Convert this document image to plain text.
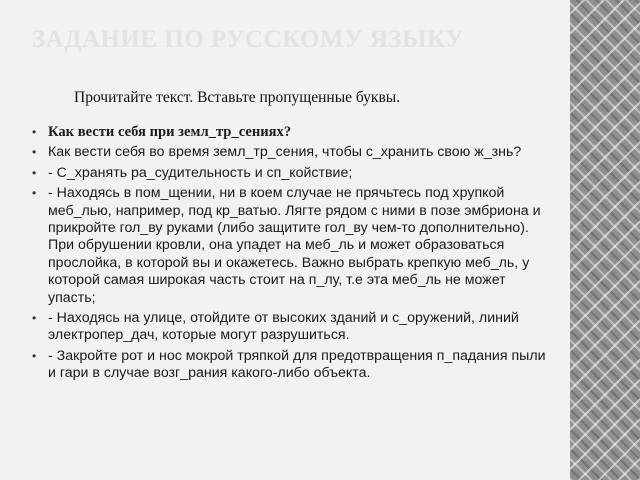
ЗАДАНИЕ ПО РУССКОМУ ЯЗЫКУ
Прочитайте текст. Вставьте пропущенные буквы.
• Как вести себя при земл_тр_сениях?
• Как вести себя во время земл_тр_сения, чтобы с_хранить свою ж_знь?
• - С_хранять ра_судительность и сп_койствие;
• - Находясь в пом_щении, ни в коем случае не прячьтесь под хрупкой меб_лью, например, под кр_ватью. Лягте рядом с ними в позе эмбриона и прикройте гол_ву руками (либо защитите гол_ву чем-то дополнительно). При обрушении кровли, она упадет на меб_ль и может образоваться прослойка, в которой вы и окажетесь. Важно выбрать крепкую меб_ль, у которой самая широкая часть стоит на п_лу, т.е эта меб_ль не может упасть;
• - Находясь на улице, отойдите от высоких зданий и с_оружений, линий электропер_дач, которые могут разрушиться.
• - Закройте рот и нос мокрой тряпкой для предотвращения п_падания пыли и гари в случае возг_рания какого-либо объекта.
